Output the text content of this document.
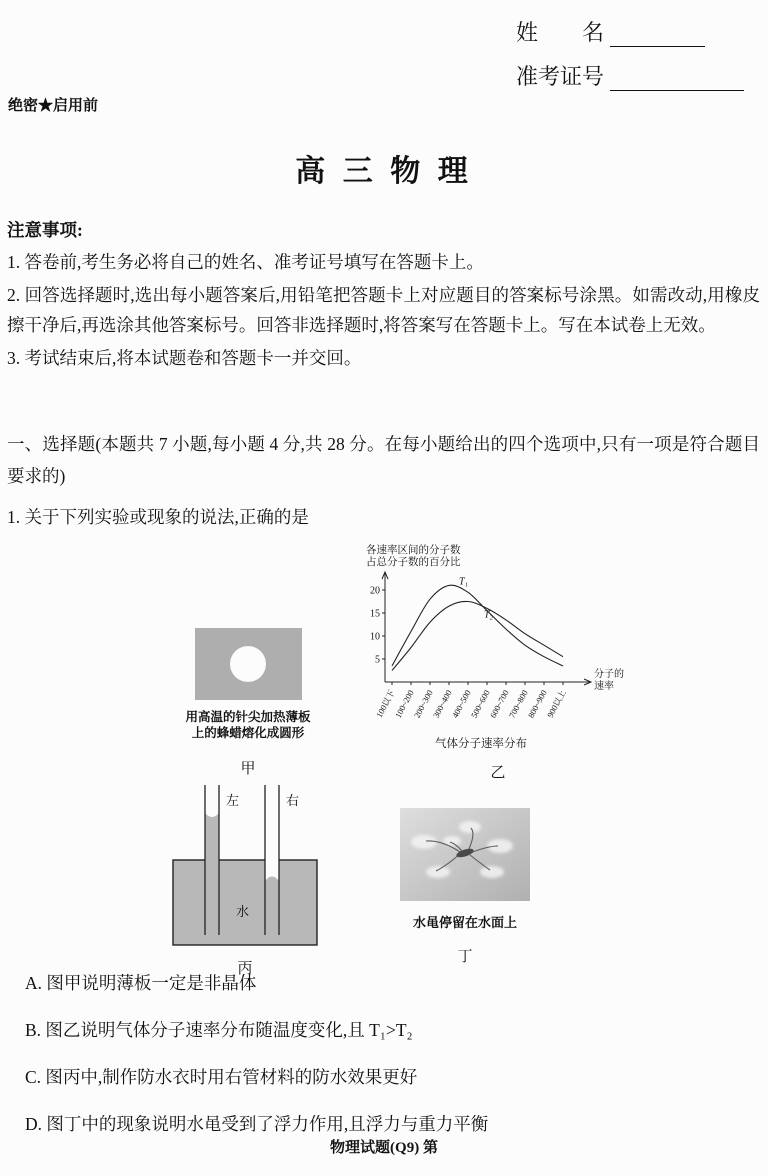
姓　　名
准考证号
绝密★启用前
高 三 物 理
注意事项:

1. 答卷前,考生务必将自己的姓名、准考证号填写在答题卡上。

2. 回答选择题时,选出每小题答案后,用铅笔把答题卡上对应题目的答案标号涂黑。如需改动,用橡皮擦干净后,再选涂其他答案标号。回答非选择题时,将答案写在答题卡上。写在本试卷上无效。

3. 考试结束后,将本试题卷和答题卡一并交回。

一、选择题(本题共 7 小题,每小题 4 分,共 28 分。在每小题给出的四个选项中,只有一项是符合题目要求的)

1. 关于下列实验或现象的说法,正确的是

用高温的针尖加热薄板
上的蜂蜡熔化成圆形
甲
各速率区间的分子数
占总分子数的百分比
5
10
15
20
100以下
100~200
200~300
300~400
400~500
500~600
600~700
700~800
800~900
900以上
T₁
T₂
分子的
速率
气体分子速率分布
乙
左	右
水
丙
水黾停留在水面上
丁

A. 图甲说明薄板一定是非晶体

B. 图乙说明气体分子速率分布随温度变化,且 T₁>T₂

C. 图丙中,制作防水衣时用右管材料的防水效果更好

D. 图丁中的现象说明水黾受到了浮力作用,且浮力与重力平衡

物理试题(Q9) 第
